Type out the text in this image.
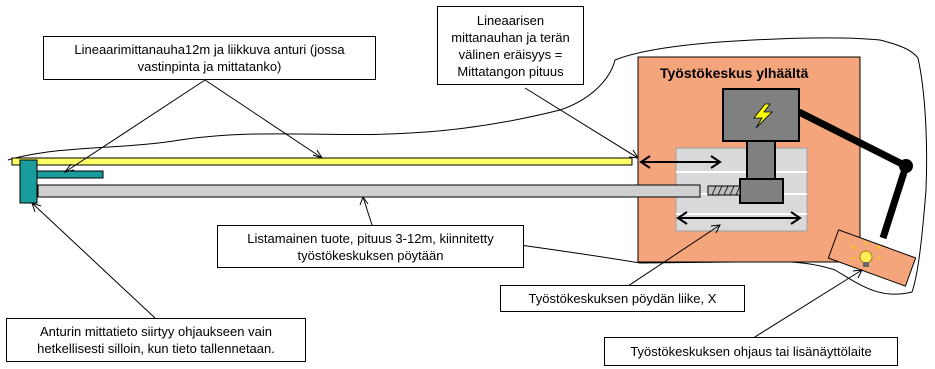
Lineaarimittanauha12m ja liikkuva anturi (jossa vastinpinta ja mittatanko)
Lineaarisen mittanauhan ja terän välinen eräisyys = Mittatangon pituus	Työstökeskus ylhäältä
Listamainen tuote, pituus 3-12m, kiinnitetty työstökeskuksen pöytään
Työstökeskuksen pöydän liike, X
Anturin mittatieto siirtyy ohjaukseen vain hetkellisesti silloin, kun tieto tallennetaan.	Työstökeskuksen ohjaus tai lisänäyttölaite
